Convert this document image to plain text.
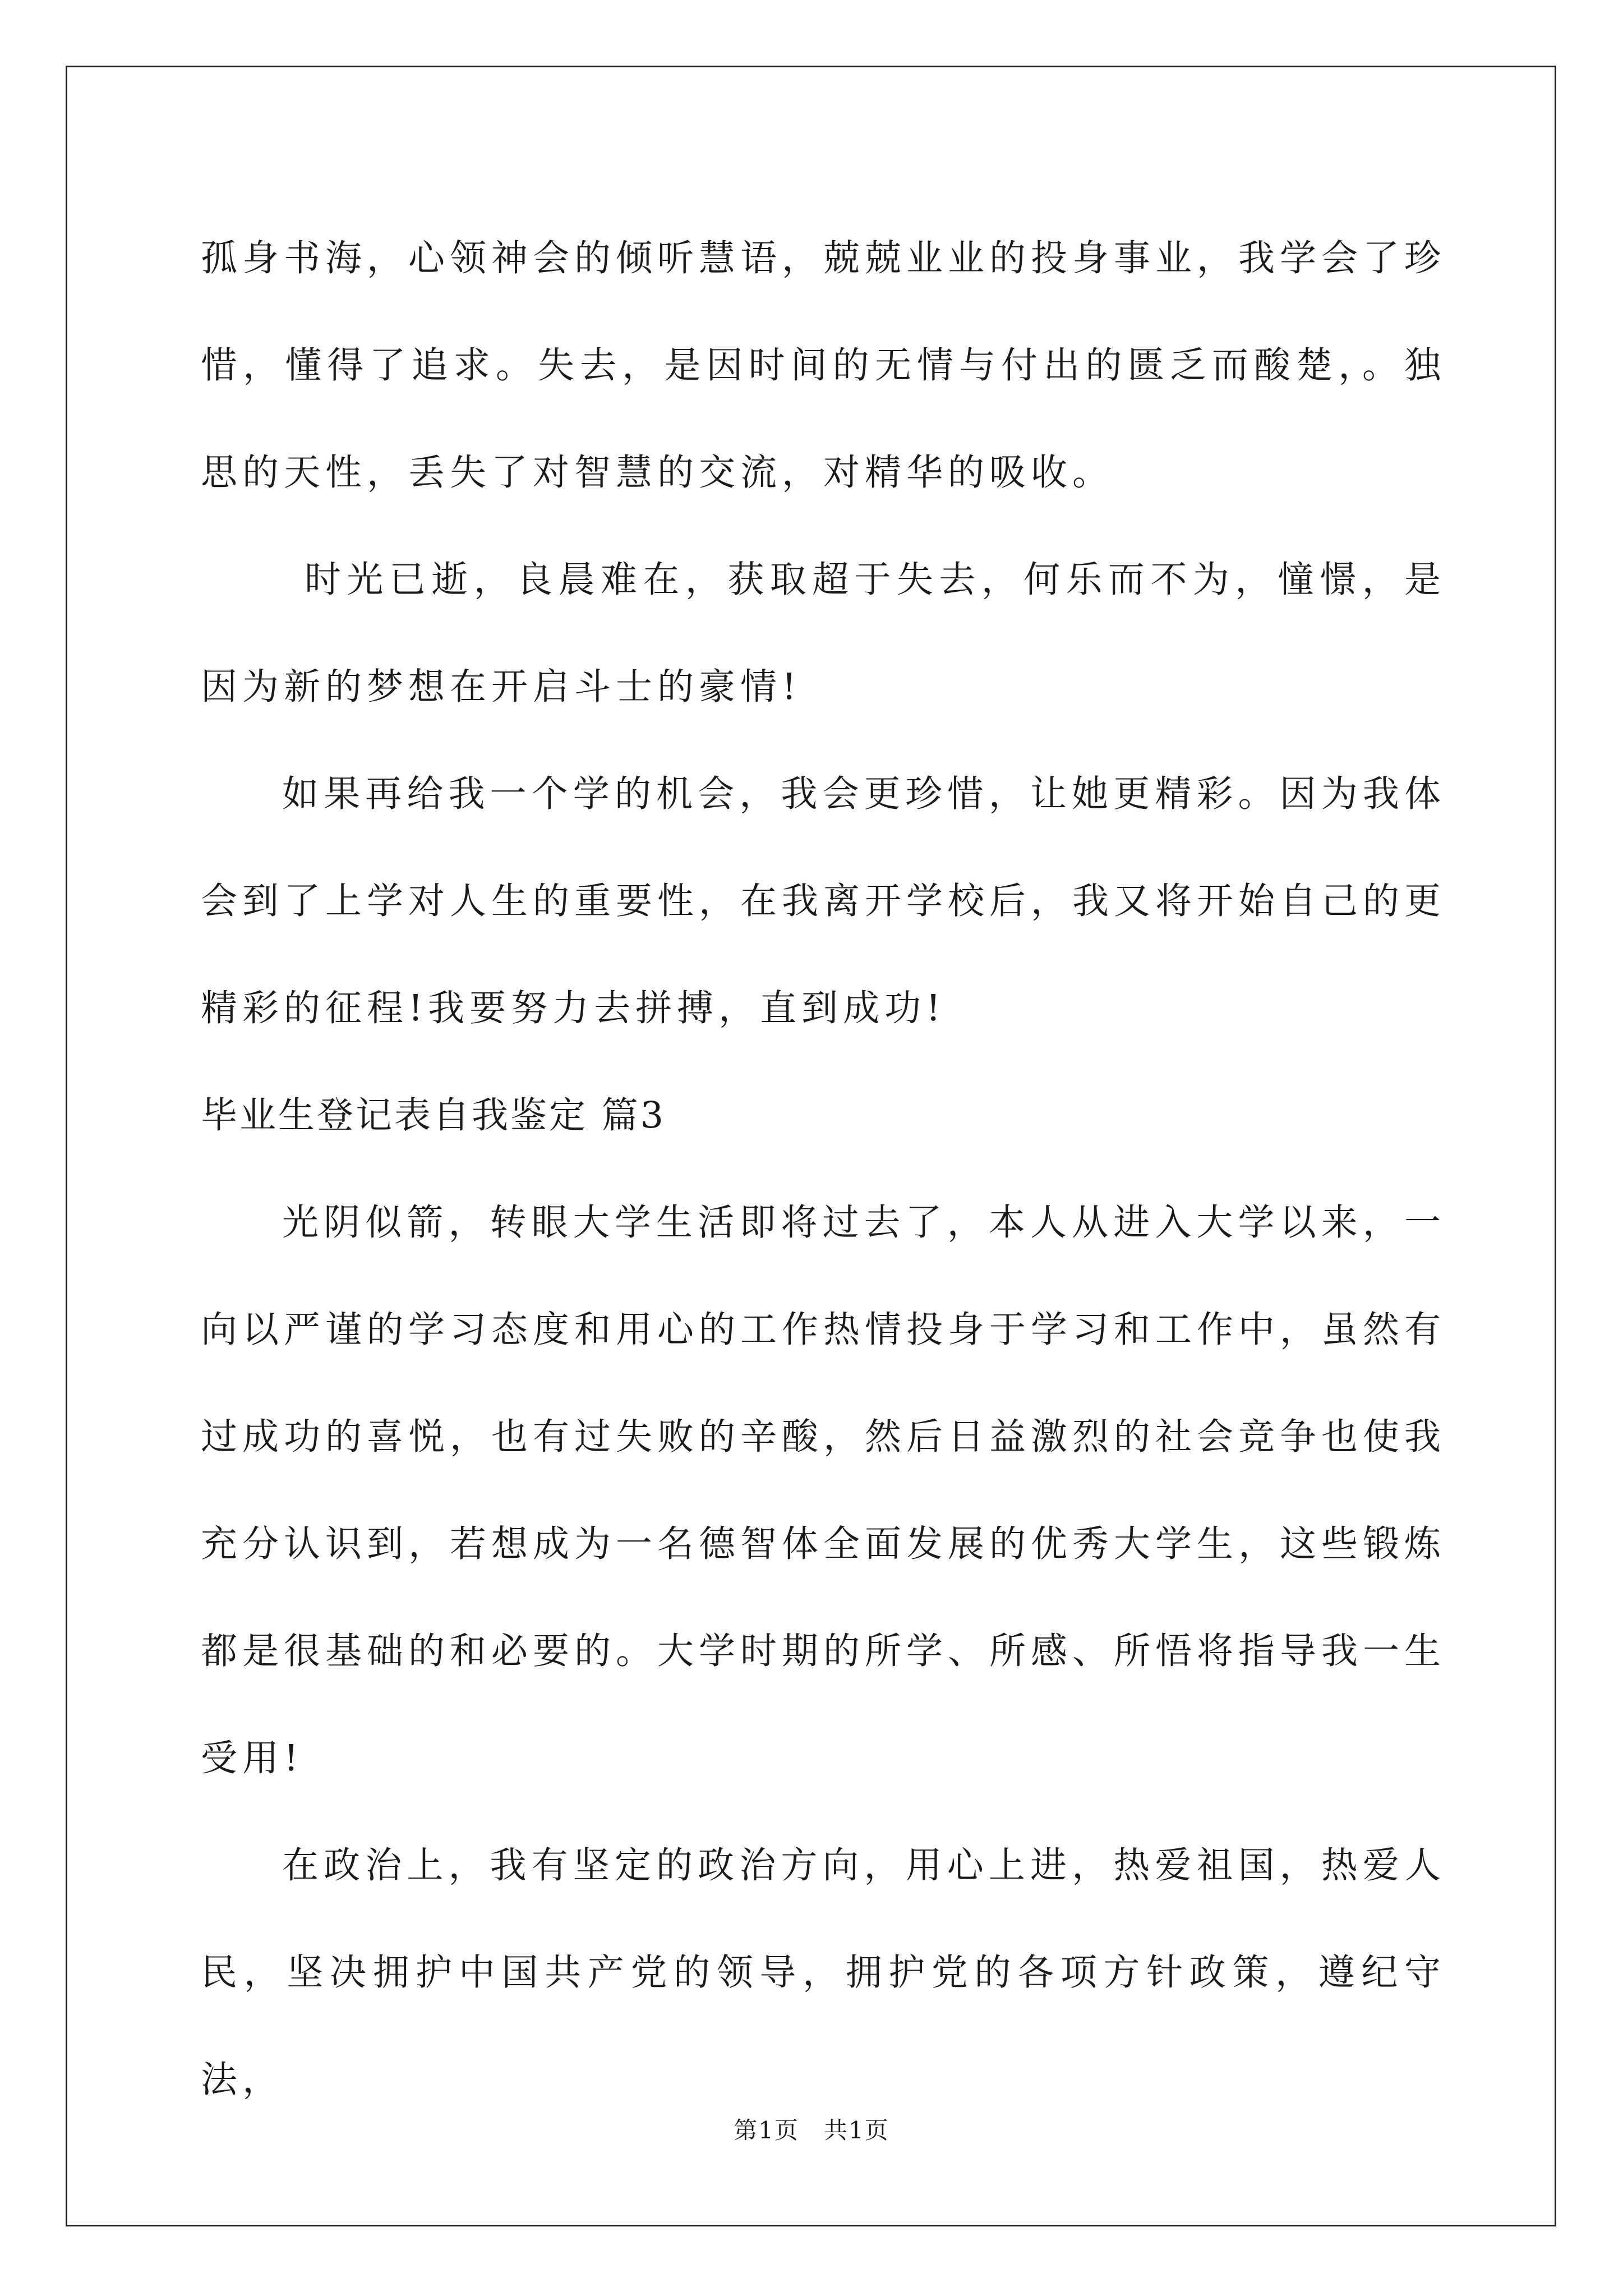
孤身书海，心领神会的倾听慧语，兢兢业业的投身事业，我学会了珍惜，懂得了追求。失去，是因时间的无情与付出的匮乏而酸楚，。独思的天性，丢失了对智慧的交流，对精华的吸收。

时光已逝，良晨难在，获取超于失去，何乐而不为，憧憬，是因为新的梦想在开启斗士的豪情!

如果再给我一个学的机会，我会更珍惜，让她更精彩。因为我体会到了上学对人生的重要性，在我离开学校后，我又将开始自己的更精彩的征程!我要努力去拼搏，直到成功!

毕业生登记表自我鉴定 篇3

光阴似箭，转眼大学生活即将过去了，本人从进入大学以来，一向以严谨的学习态度和用心的工作热情投身于学习和工作中，虽然有过成功的喜悦，也有过失败的辛酸，然后日益激烈的社会竞争也使我充分认识到，若想成为一名德智体全面发展的优秀大学生，这些锻炼都是很基础的和必要的。大学时期的所学、所感、所悟将指导我一生受用!

在政治上，我有坚定的政治方向，用心上进，热爱祖国，热爱人民，坚决拥护中国共产党的领导，拥护党的各项方针政策，遵纪守法，

第1页　共1页
